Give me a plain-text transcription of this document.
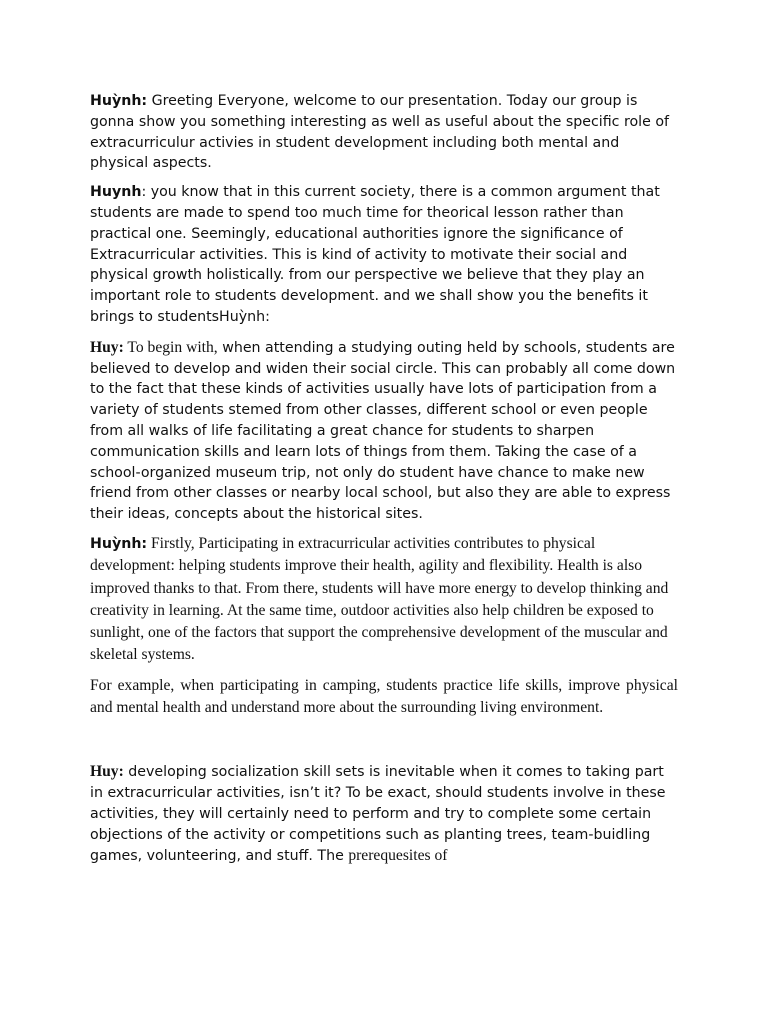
Huỳnh: Greeting Everyone, welcome to our presentation. Today our group is gonna show you something interesting as well as useful about the specific role of extracurriculur activies in student development including both mental and physical aspects.

Huynh: you know that in this current society, there is a common argument that students are made to spend too much time for theorical lesson rather than practical one. Seemingly, educational authorities ignore the significance of Extracurricular activities. This is kind of activity to motivate their social and physical growth holistically. from our perspective we believe that they play an important role to students development. and we shall show you the benefits it brings to studentsHuỳnh:

Huy: To begin with, when attending a studying outing held by schools, students are believed to develop and widen their social circle. This can probably all come down to the fact that these kinds of activities usually have lots of participation from a variety of students stemed from other classes, different school or even people from all walks of life facilitating a great chance for students to sharpen communication skills and learn lots of things from them. Taking the case of a school-organized museum trip, not only do student have chance to make new friend from other classes or nearby local school, but also they are able to express their ideas, concepts about the historical sites.

Huỳnh: Firstly, Participating in extracurricular activities contributes to physical development: helping students improve their health, agility and flexibility. Health is also improved thanks to that. From there, students will have more energy to develop thinking and creativity in learning. At the same time, outdoor activities also help children be exposed to sunlight, one of the factors that support the comprehensive development of the muscular and skeletal systems.

For example, when participating in camping, students practice life skills, improve physical and mental health and understand more about the surrounding living environment.

Huy: developing socialization skill sets is inevitable when it comes to taking part in extracurricular activities, isn’t it? To be exact, should students involve in these activities, they will certainly need to perform and try to complete some certain objections of the activity or competitions such as planting trees, team-buidling games, volunteering, and stuff. The prerequesites of
